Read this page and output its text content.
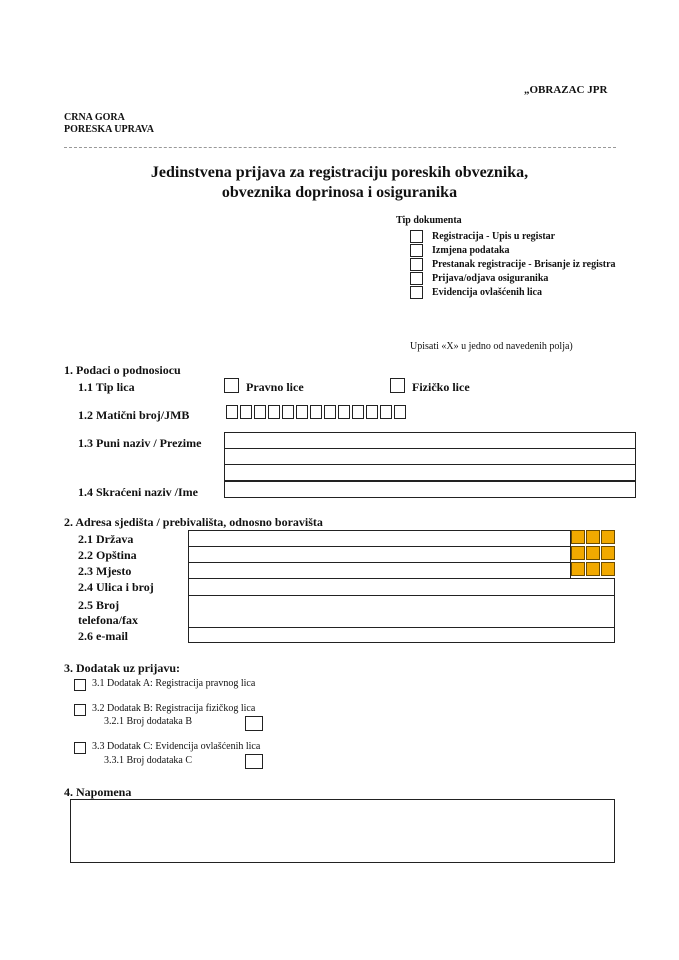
„OBRAZAC JPR
CRNA GORA
PORESKA UPRAVA
Jedinstvena prijava za registraciju poreskih obveznika,
obveznika doprinosa i osiguranika
Tip dokumenta
Registracija - Upis u registar
Izmjena podataka
Prestanak registracije - Brisanje iz registra
Prijava/odjava osiguranika
Evidencija ovlašćenih lica
Upisati «X» u jedno od navedenih polja)
1. Podaci o podnosiocu
1.1 Tip lica	Pravno lice	Fizičko lice
1.2 Matični broj/JMB
1.3 Puni naziv / Prezime
1.4 Skraćeni naziv /Ime
2. Adresa sjedišta / prebivališta, odnosno boravišta
2.1 Država
2.2 Opština
2.3 Mjesto
2.4 Ulica i broj
2.5 Broj
telefona/fax
2.6 e-mail
3. Dodatak uz prijavu:
3.1 Dodatak A: Registracija pravnog lica
3.2 Dodatak B: Registracija fizičkog lica
3.2.1 Broj dodataka B
3.3 Dodatak C: Evidencija ovlašćenih lica
3.3.1 Broj dodataka C
4. Napomena
